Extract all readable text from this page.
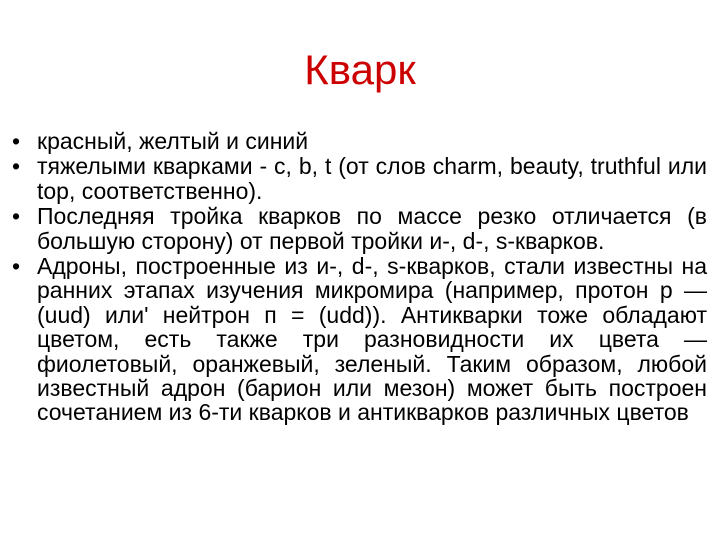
Кварк
• красный, желтый и синий
• тяжелыми кварками - c, b, t (от слов charm, beauty, truthful или top, соответственно).
• Последняя тройка кварков по массе резко отличается (в большую сторону) от первой тройки и-, d-, s-кварков.
• Адроны, построенные из и-, d-, s-кварков, стали известны на ранних этапах изучения микромира (например, протон р — (uud) или' нейтрон п = (udd)). Антикварки тоже обладают цветом, есть также три разновидности их цвета — фиолетовый, оранжевый, зеленый. Таким образом, любой известный адрон (барион или мезон) может быть построен сочетанием из 6-ти кварков и антикварков различных цветов
